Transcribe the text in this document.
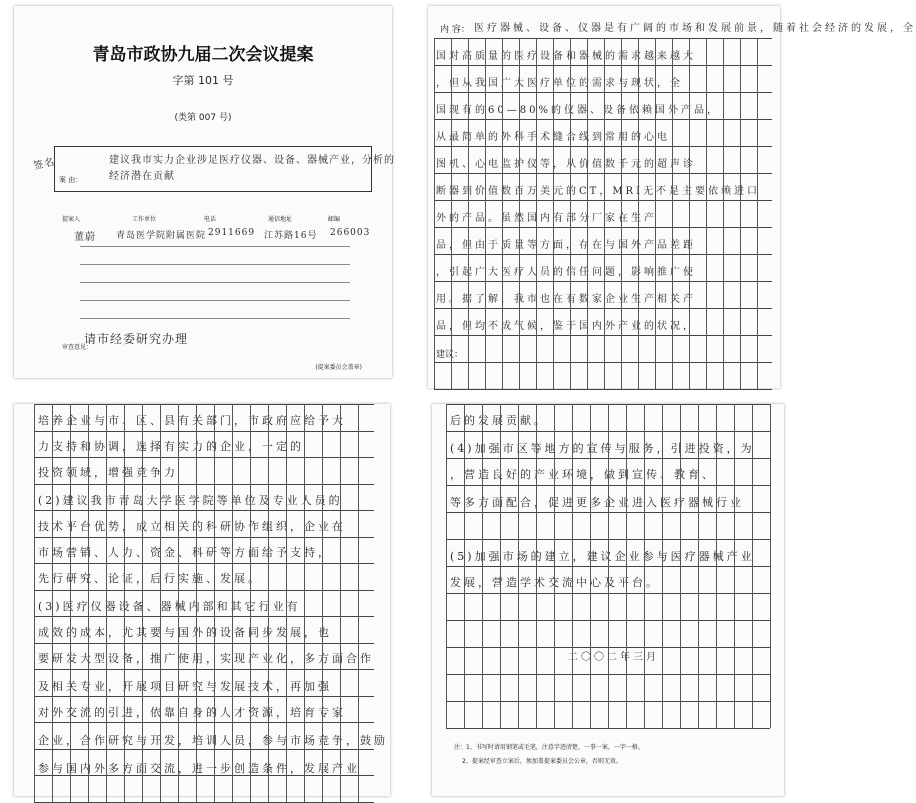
青岛市政协九届二次会议提案
字第 101 号
(类第 007 号)
签名	建议我市实力企业涉足医疗仪器、设备、器械产业，分析的经济潜在贡献
案 由：
提案人	工作单位	电话	通信地址	邮编
董蔚 青岛医学院附属医院 2911669 江苏路16号 266003
审查意见：
请市经委研究办理
(提案委员会盖章)
内 容： 医疗器械、设备、仪器是有广阔的市场和发展前景，随着社会经济的发展，全
国对高质量的医疗设备和器械的需求越来越大
，但从我国广大医疗单位的需求与现状，全
国现有的60—80%的仪器、设备依赖国外产品，
从最简单的外科手术缝合线到常用的心电
图机、心电监护仪等，从价值数千元的超声诊
断器到价值数百万美元的CT，MRI无不是主要依赖进口
外的产品。虽然国内有部分厂家在生产
品，但由于质量等方面，存在与国外产品差距
，引起广大医疗人员的信任问题，影响推广使
用。据了解，我市也在有数家企业生产相关产
品，但均不成气候，鉴于国内外产业的状况，
建议：
培养企业与市、区、县有关部门，市政府应给予大
力支持和协调，选择有实力的企业，一定的
投资领域，增强竞争力
(2)建议我市青岛大学医学院等单位及专业人员的
技术平台优势，成立相关的科研协作组织，企业在
市场营销、人力、资金、科研等方面给予支持，
先行研究、论证，后行实施、发展。
(3)医疗仪器设备、器械内部和其它行业有
成效的成本，尤其要与国外的设备同步发展，也
要研发大型设备，推广使用，实现产业化，多方面合作
及相关专业，开展项目研究与发展技术，再加强
对外交流的引进，依靠自身的人才资源，培育专家
企业，合作研究与开发，培训人员，参与市场竞争，鼓励
参与国内外多方面交流，进一步创造条件，发展产业
后的发展贡献。
(4)加强市区等地方的宣传与服务，引进投资，为
，营造良好的产业环境，做到宣传、教育、
等多方面配合，促进更多企业进入医疗器械行业
(5)加强市场的建立，建议企业参与医疗器械产业
发展，营造学术交流中心及平台。
二〇〇二年三月
注：1、书写时请用钢笔或毛笔，注意字迹清楚，一事一案，一字一格。
2、提案经审查立案后，须加盖提案委员会公章，否则无效。
